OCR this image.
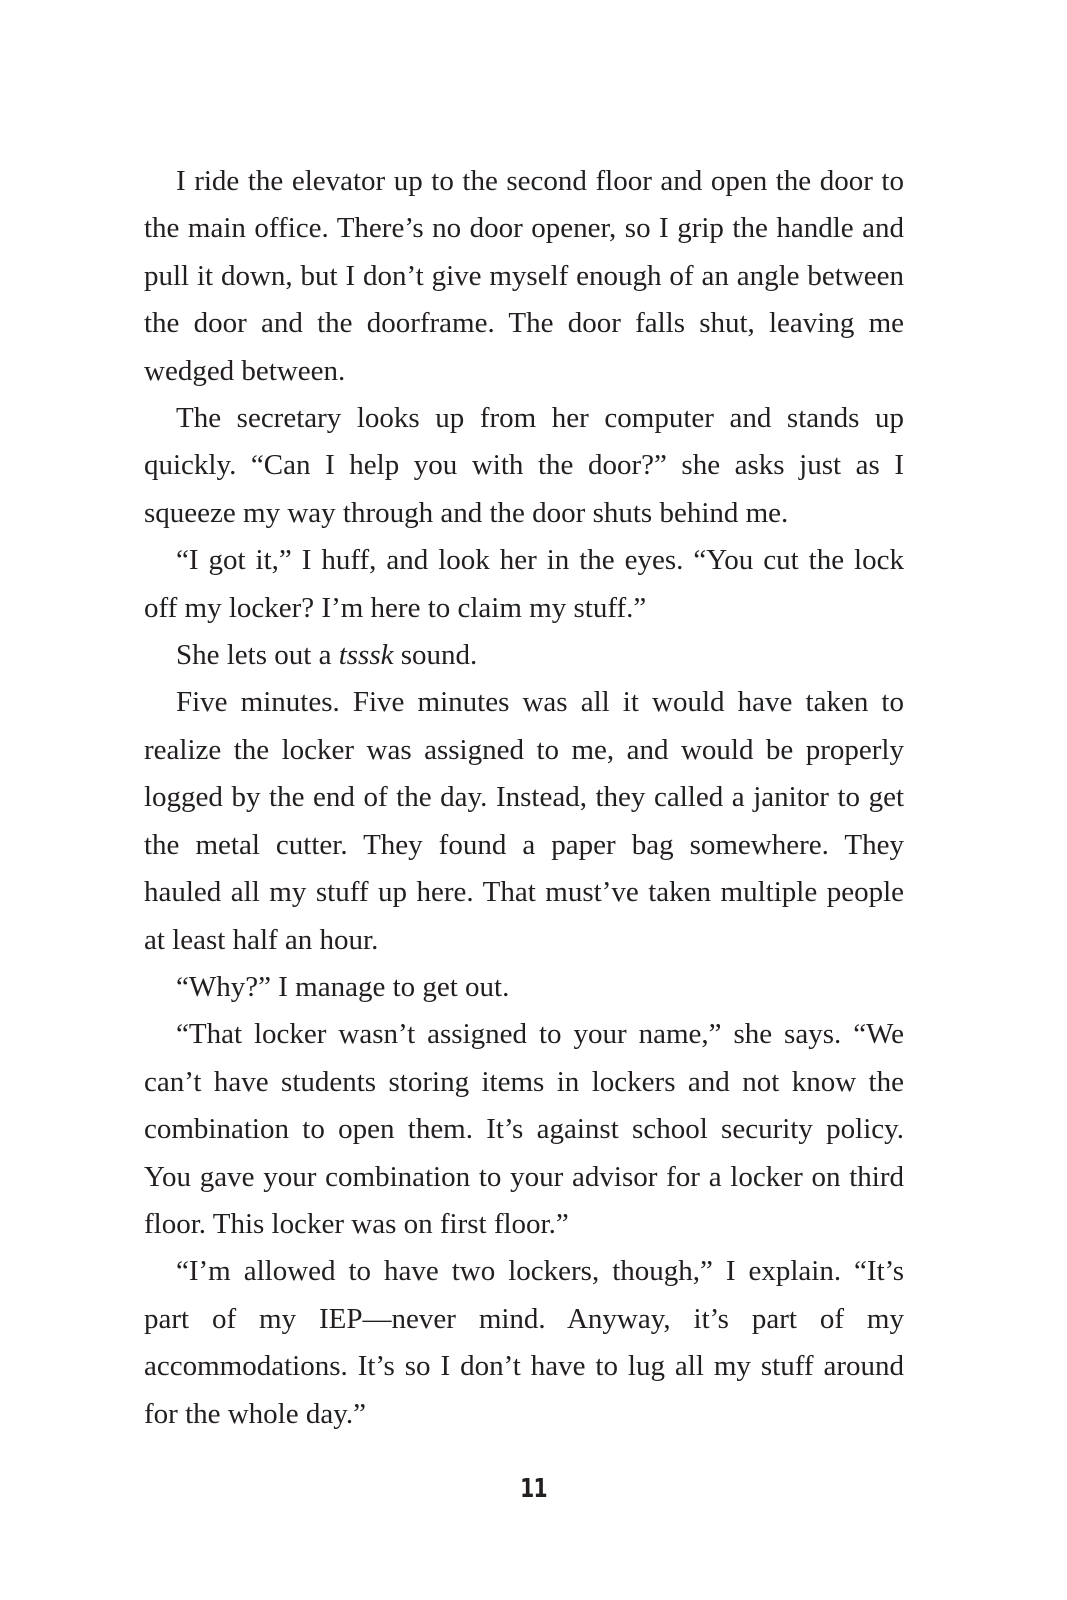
I ride the elevator up to the second floor and open the door to the main office. There’s no door opener, so I grip the handle and pull it down, but I don’t give myself enough of an angle between the door and the doorframe. The door falls shut, leaving me wedged between.

The secretary looks up from her computer and stands up quickly. “Can I help you with the door?” she asks just as I squeeze my way through and the door shuts behind me.

“I got it,” I huff, and look her in the eyes. “You cut the lock off my locker? I’m here to claim my stuff.”

She lets out a tsssk sound.

Five minutes. Five minutes was all it would have taken to realize the locker was assigned to me, and would be properly logged by the end of the day. Instead, they called a janitor to get the metal cutter. They found a paper bag somewhere. They hauled all my stuff up here. That must’ve taken multiple people at least half an hour.

“Why?” I manage to get out.

“That locker wasn’t assigned to your name,” she says. “We can’t have students storing items in lockers and not know the combination to open them. It’s against school security policy. You gave your combination to your advisor for a locker on third floor. This locker was on first floor.”

“I’m allowed to have two lockers, though,” I explain. “It’s part of my IEP—never mind. Anyway, it’s part of my accommodations. It’s so I don’t have to lug all my stuff around for the whole day.”

11
